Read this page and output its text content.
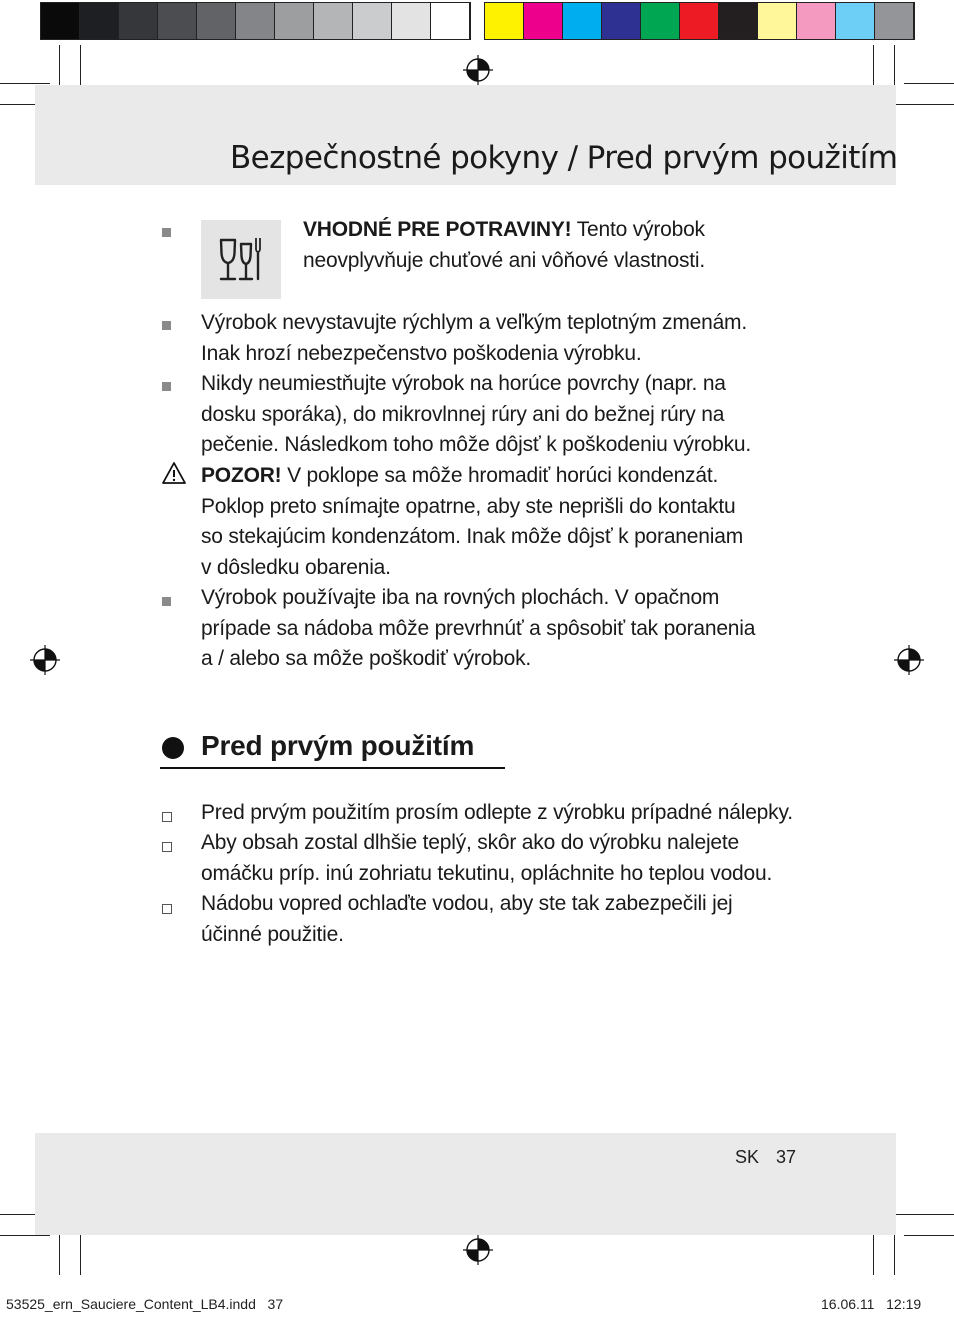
Bezpečnostné pokyny / Pred prvým použitím
VHODNÉ PRE POTRAVINY! Tento výrobok
neovplyvňuje chuťové ani vôňové vlastnosti.
Výrobok nevystavujte rýchlym a veľkým teplotným zmenám.
Inak hrozí nebezpečenstvo poškodenia výrobku.
Nikdy neumiestňujte výrobok na horúce povrchy (napr. na
dosku sporáka), do mikrovlnnej rúry ani do bežnej rúry na
pečenie. Následkom toho môže dôjsť k poškodeniu výrobku.
POZOR! V poklope sa môže hromadiť horúci kondenzát.
Poklop preto snímajte opatrne, aby ste neprišli do kontaktu
so stekajúcim kondenzátom. Inak môže dôjsť k poraneniam
v dôsledku obarenia.
Výrobok používajte iba na rovných plochách. V opačnom
prípade sa nádoba môže prevrhnúť a spôsobiť tak poranenia
a / alebo sa môže poškodiť výrobok.
Pred prvým použitím
Pred prvým použitím prosím odlepte z výrobku prípadné nálepky.
Aby obsah zostal dlhšie teplý, skôr ako do výrobku nalejete
omáčku príp. inú zohriatu tekutinu, opláchnite ho teplou vodou.
Nádobu vopred ochlaďte vodou, aby ste tak zabezpečili jej
účinné použitie.
SK 37
53525_ern_Sauciere_Content_LB4.indd   37	16.06.11   12:19
